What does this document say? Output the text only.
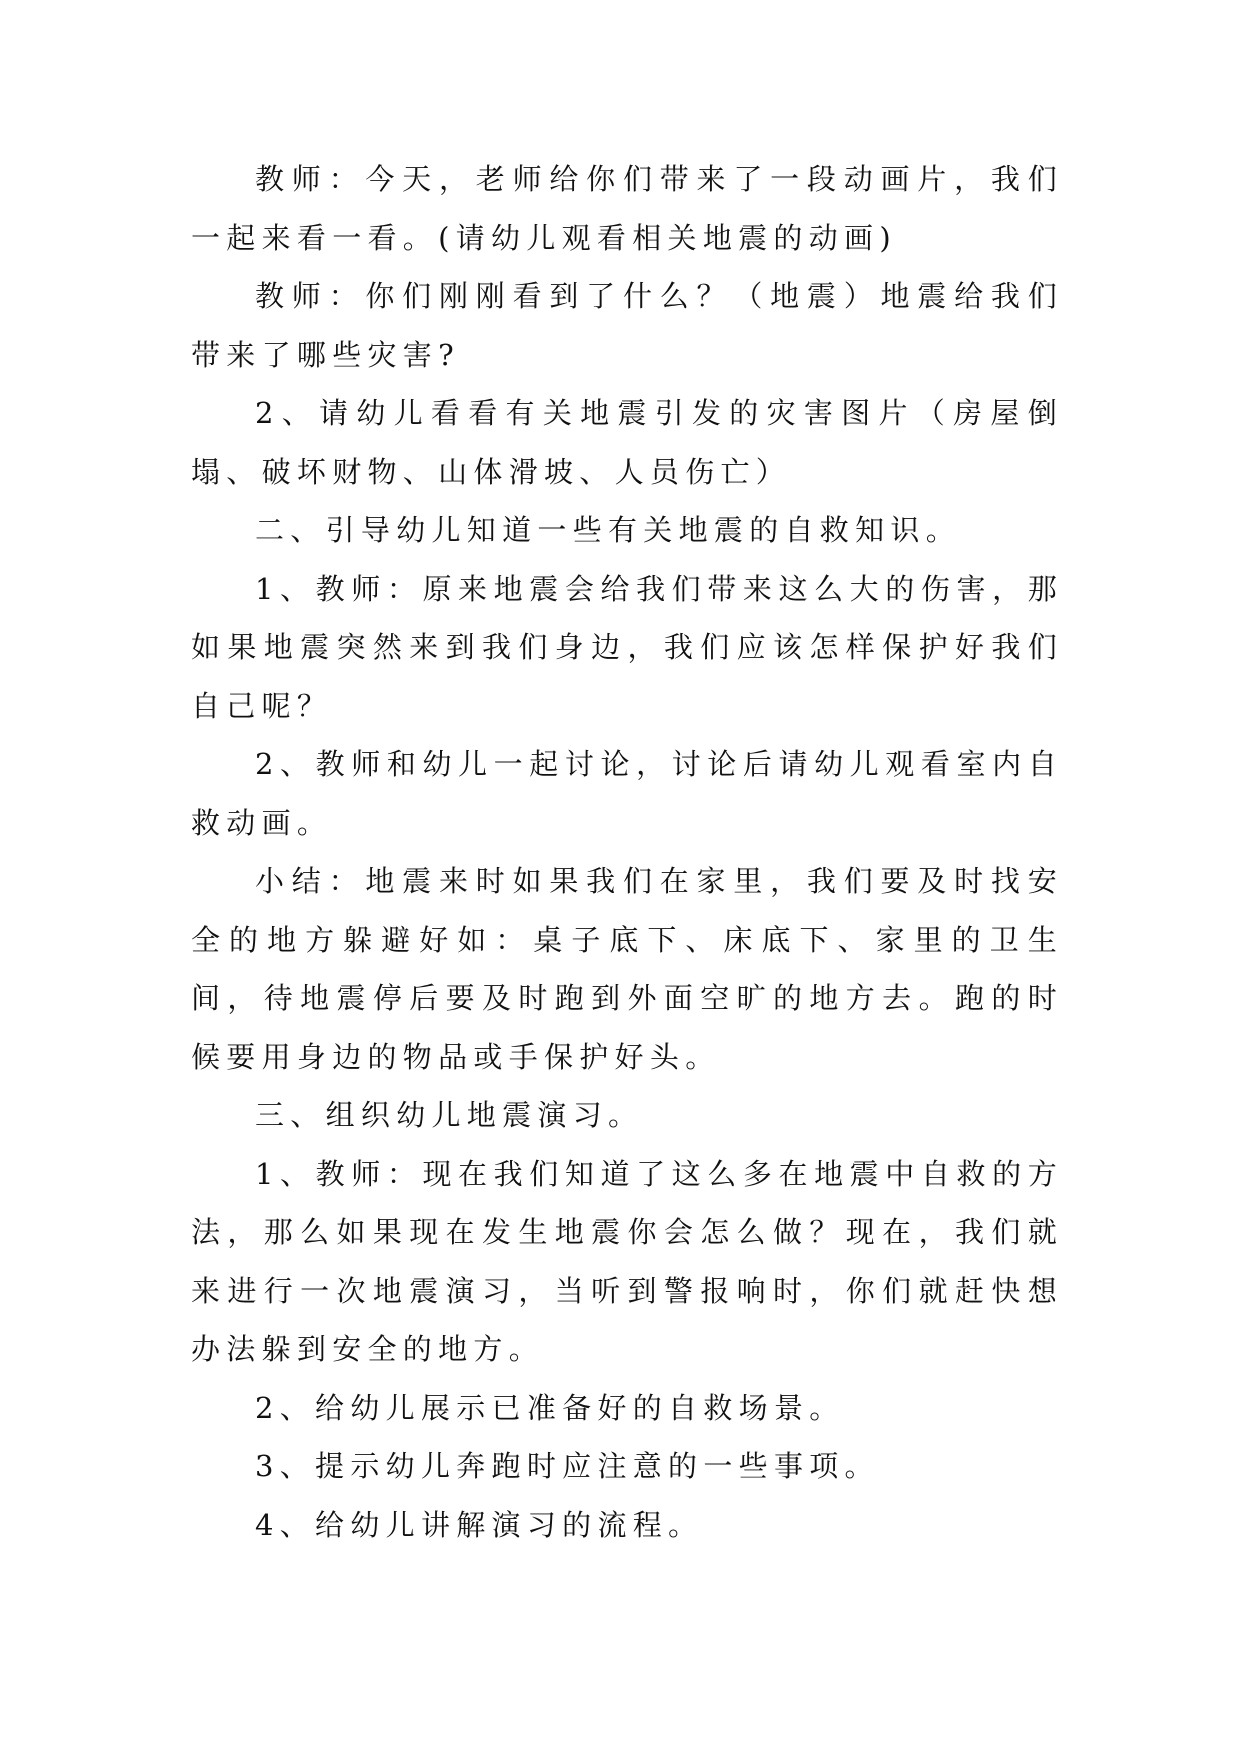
教师：今天，老师给你们带来了一段动画片，我们一起来看一看。(请幼儿观看相关地震的动画)

教师：你们刚刚看到了什么？（地震）地震给我们带来了哪些灾害?

2、请幼儿看看有关地震引发的灾害图片（房屋倒塌、破坏财物、山体滑坡、人员伤亡）

二、引导幼儿知道一些有关地震的自救知识。

1、教师：原来地震会给我们带来这么大的伤害，那如果地震突然来到我们身边，我们应该怎样保护好我们自己呢？

2、教师和幼儿一起讨论，讨论后请幼儿观看室内自救动画。

小结：地震来时如果我们在家里，我们要及时找安全的地方躲避好如：桌子底下、床底下、家里的卫生间，待地震停后要及时跑到外面空旷的地方去。跑的时候要用身边的物品或手保护好头。

三、组织幼儿地震演习。

1、教师：现在我们知道了这么多在地震中自救的方法，那么如果现在发生地震你会怎么做？现在，我们就来进行一次地震演习，当听到警报响时，你们就赶快想办法躲到安全的地方。

2、给幼儿展示已准备好的自救场景。

3、提示幼儿奔跑时应注意的一些事项。

4、给幼儿讲解演习的流程。
